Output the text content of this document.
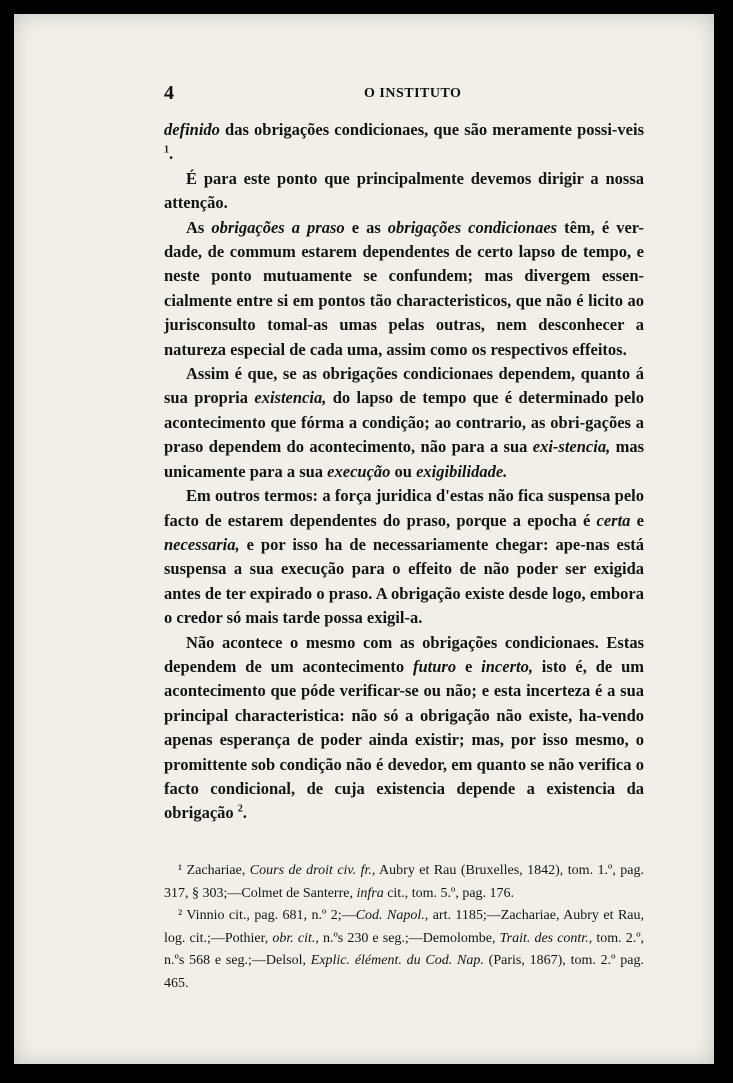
4	O INSTITUTO

definido das obrigações condicionaes, que são meramente possi-veis $^1$.

É para este ponto que principalmente devemos dirigir a nossa attenção.

As obrigações a praso e as obrigações condicionaes têm, é ver-dade, de commum estarem dependentes de certo lapso de tempo, e neste ponto mutuamente se confundem; mas divergem essen-cialmente entre si em pontos tão characteristicos, que não é licito ao jurisconsulto tomal-as umas pelas outras, nem desconhecer a natureza especial de cada uma, assim como os respectivos effeitos.

Assim é que, se as obrigações condicionaes dependem, quanto á sua propria existencia, do lapso de tempo que é determinado pelo acontecimento que fórma a condição; ao contrario, as obri-gações a praso dependem do acontecimento, não para a sua exi-stencia, mas unicamente para a sua execução ou exigibilidade.

Em outros termos: a força juridica d'estas não fica suspensa pelo facto de estarem dependentes do praso, porque a epocha é certa e necessaria, e por isso ha de necessariamente chegar: ape-nas está suspensa a sua execução para o effeito de não poder ser exigida antes de ter expirado o praso. A obrigação existe desde logo, embora o credor só mais tarde possa exigil-a.

Não acontece o mesmo com as obrigações condicionaes. Estas dependem de um acontecimento futuro e incerto, isto é, de um acontecimento que póde verificar-se ou não; e esta incerteza é a sua principal characteristica: não só a obrigação não existe, ha-vendo apenas esperança de poder ainda existir; mas, por isso mesmo, o promittente sob condição não é devedor, em quanto se não verifica o facto condicional, de cuja existencia depende a existencia da obrigação $^2$.

¹ Zachariae, Cours de droit civ. fr., Aubry et Rau (Bruxelles, 1842), tom. 1.º, pag. 317, § 303;—Colmet de Santerre, infra cit., tom. 5.º, pag. 176.

² Vinnio cit., pag. 681, n.º 2;—Cod. Napol., art. 1185;—Zachariae, Aubry et Rau, log. cit.;—Pothier, obr. cit., n.ºs 230 e seg.;—Demolombe, Trait. des contr., tom. 2.º, n.ºs 568 e seg.;—Delsol, Explic. élément. du Cod. Nap. (Paris, 1867), tom. 2.º pag. 465.
